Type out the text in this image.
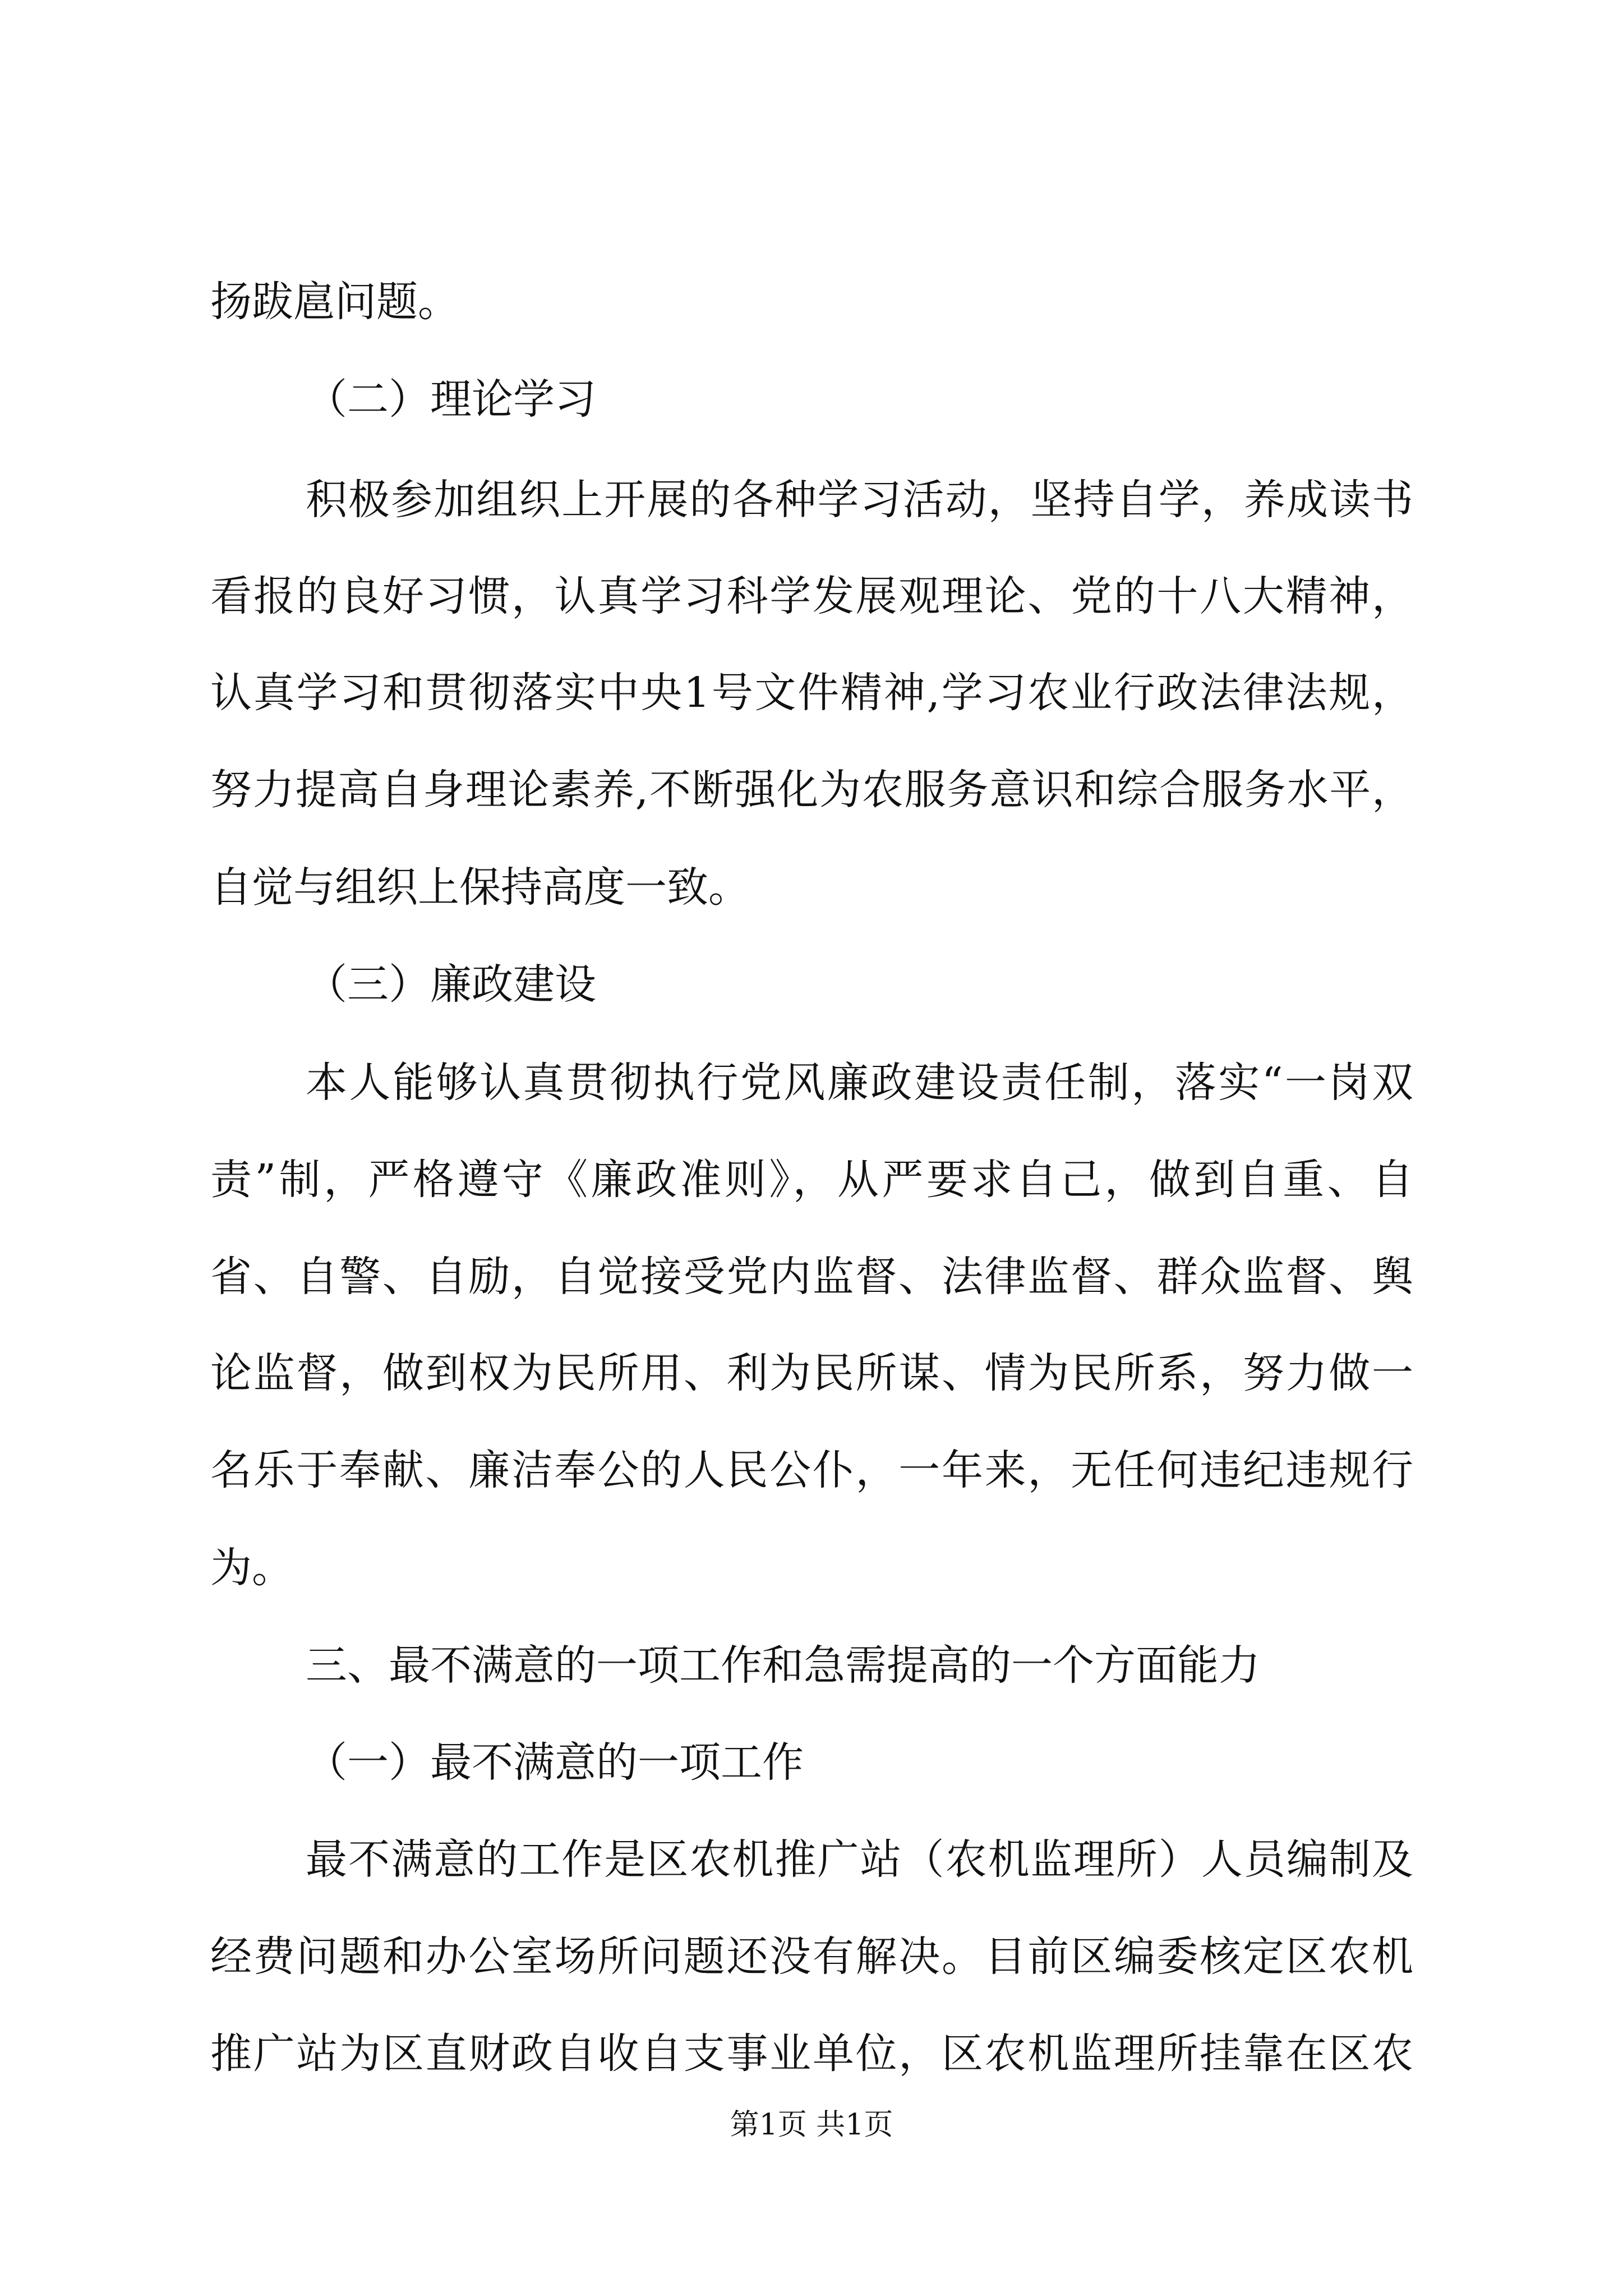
扬跋扈问题。

（二）理论学习

积极参加组织上开展的各种学习活动，坚持自学，养成读书

看报的良好习惯，认真学习科学发展观理论、党的十八大精神，

认真学习和贯彻落实中央1号文件精神,学习农业行政法律法规，

努力提高自身理论素养,不断强化为农服务意识和综合服务水平，

自觉与组织上保持高度一致。

（三）廉政建设

本人能够认真贯彻执行党风廉政建设责任制，落实“一岗双

责”制，严格遵守《廉政准则》，从严要求自己，做到自重、自

省、自警、自励，自觉接受党内监督、法律监督、群众监督、舆

论监督，做到权为民所用、利为民所谋、情为民所系，努力做一

名乐于奉献、廉洁奉公的人民公仆，一年来，无任何违纪违规行

为。

三、最不满意的一项工作和急需提高的一个方面能力

（一）最不满意的一项工作

最不满意的工作是区农机推广站（农机监理所）人员编制及

经费问题和办公室场所问题还没有解决。目前区编委核定区农机

推广站为区直财政自收自支事业单位，区农机监理所挂靠在区农

第1页 共1页
